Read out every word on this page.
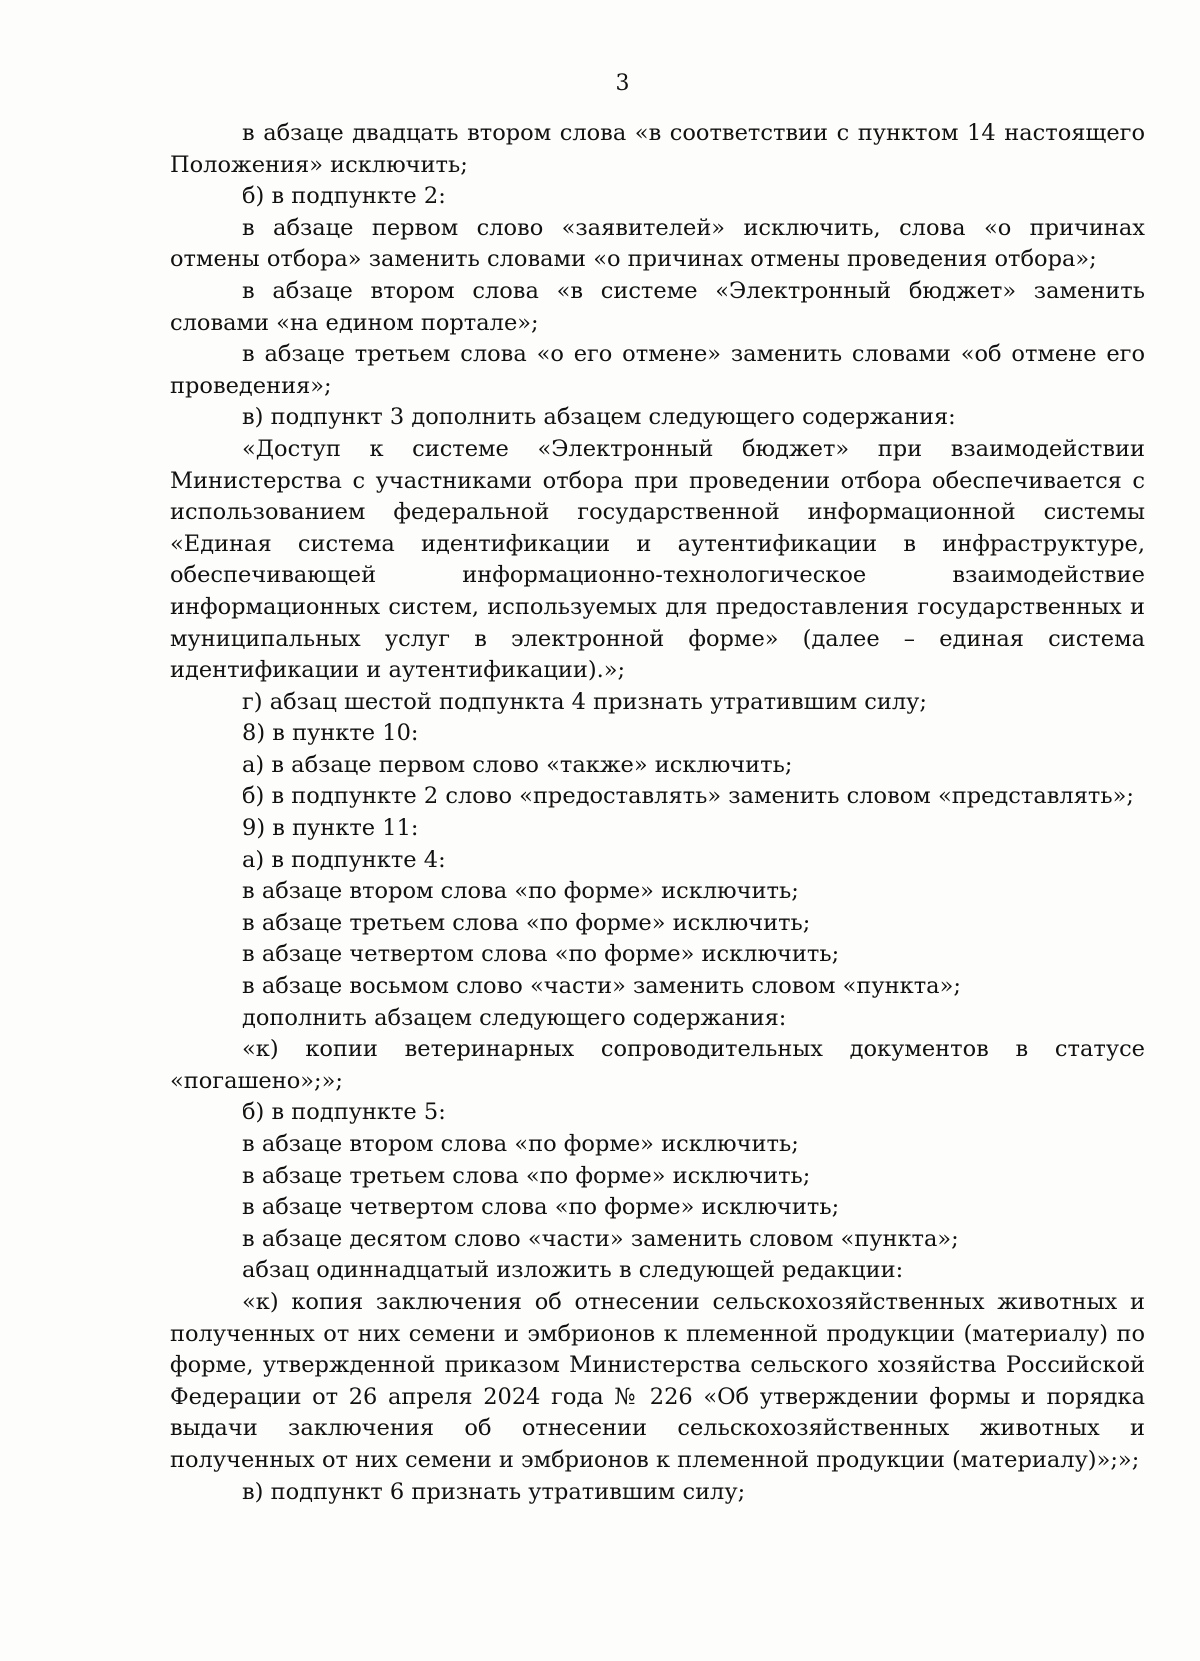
3

в абзаце двадцать втором слова «в соответствии с пунктом 14 настоящего Положения» исключить;

б) в подпункте 2:

в абзаце первом слово «заявителей» исключить, слова «о причинах отмены отбора» заменить словами «о причинах отмены проведения отбора»;

в абзаце втором слова «в системе «Электронный бюджет» заменить словами «на едином портале»;

в абзаце третьем слова «о его отмене» заменить словами «об отмене его проведения»;

в) подпункт 3 дополнить абзацем следующего содержания:

«Доступ к системе «Электронный бюджет» при взаимодействии Министерства с участниками отбора при проведении отбора обеспечивается с использованием федеральной государственной информационной системы «Единая система идентификации и аутентификации в инфраструктуре, обеспечивающей информационно-технологическое взаимодействие информационных систем, используемых для предоставления государственных и муниципальных услуг в электронной форме» (далее – единая система идентификации и аутентификации).»;

г) абзац шестой подпункта 4 признать утратившим силу;

8) в пункте 10:

а) в абзаце первом слово «также» исключить;

б) в подпункте 2 слово «предоставлять» заменить словом «представлять»;

9) в пункте 11:

а) в подпункте 4:

в абзаце втором слова «по форме» исключить;

в абзаце третьем слова «по форме» исключить;

в абзаце четвертом слова «по форме» исключить;

в абзаце восьмом слово «части» заменить словом «пункта»;

дополнить абзацем следующего содержания:

«к) копии ветеринарных сопроводительных документов в статусе «погашено»;»;

б) в подпункте 5:

в абзаце втором слова «по форме» исключить;

в абзаце третьем слова «по форме» исключить;

в абзаце четвертом слова «по форме» исключить;

в абзаце десятом слово «части» заменить словом «пункта»;

абзац одиннадцатый изложить в следующей редакции:

«к) копия заключения об отнесении сельскохозяйственных животных и полученных от них семени и эмбрионов к племенной продукции (материалу) по форме, утвержденной приказом Министерства сельского хозяйства Российской Федерации от 26 апреля 2024 года № 226 «Об утверждении формы и порядка выдачи заключения об отнесении сельскохозяйственных животных и полученных от них семени и эмбрионов к племенной продукции (материалу)»;»;

в) подпункт 6 признать утратившим силу;
